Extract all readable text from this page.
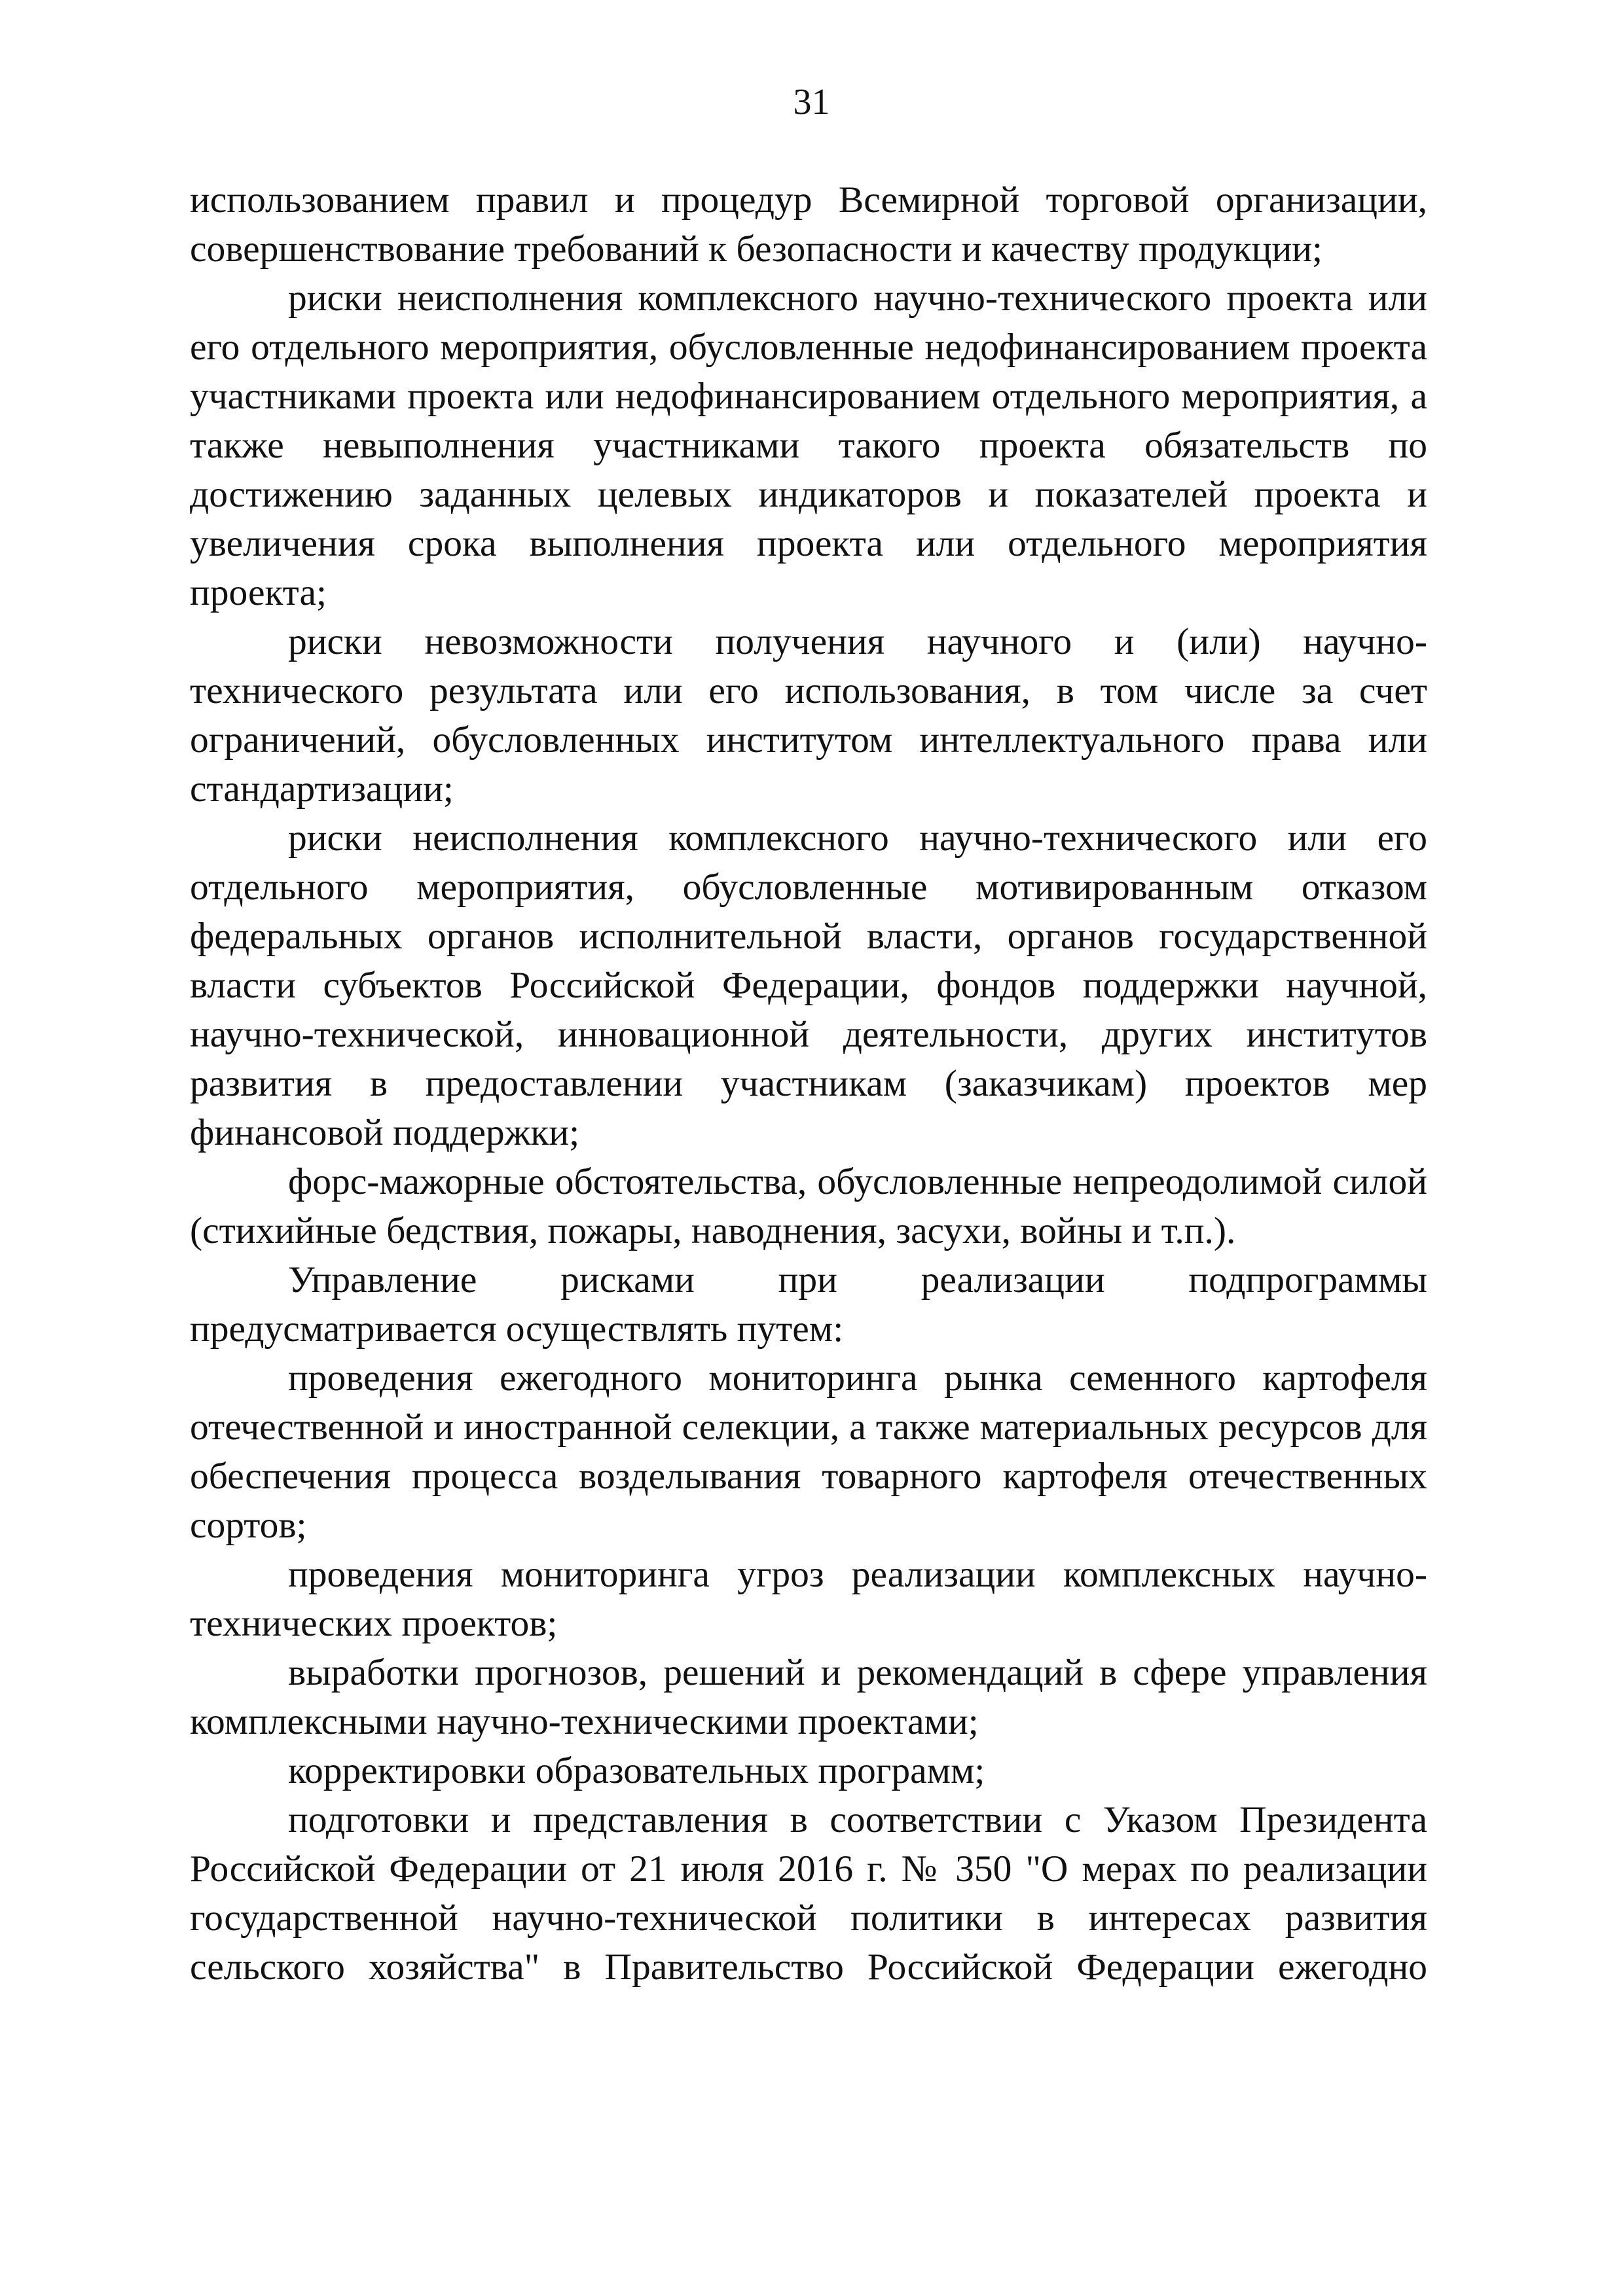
31

использованием правил и процедур Всемирной торговой организации, совершенствование требований к безопасности и качеству продукции;

риски неисполнения комплексного научно-технического проекта или его отдельного мероприятия, обусловленные недофинансированием проекта участниками проекта или недофинансированием отдельного мероприятия, а также невыполнения участниками такого проекта обязательств по достижению заданных целевых индикаторов и показателей проекта и увеличения срока выполнения проекта или отдельного мероприятия проекта;

риски невозможности получения научного и (или) научно-технического результата или его использования, в том числе за счет ограничений, обусловленных институтом интеллектуального права или стандартизации;

риски неисполнения комплексного научно-технического или его отдельного мероприятия, обусловленные мотивированным отказом федеральных органов исполнительной власти, органов государственной власти субъектов Российской Федерации, фондов поддержки научной, научно-технической, инновационной деятельности, других институтов развития в предоставлении участникам (заказчикам) проектов мер финансовой поддержки;

форс-мажорные обстоятельства, обусловленные непреодолимой силой (стихийные бедствия, пожары, наводнения, засухи, войны и т.п.).

Управление рисками при реализации подпрограммы предусматривается осуществлять путем:

проведения ежегодного мониторинга рынка семенного картофеля отечественной и иностранной селекции, а также материальных ресурсов для обеспечения процесса возделывания товарного картофеля отечественных сортов;

проведения мониторинга угроз реализации комплексных научно-технических проектов;

выработки прогнозов, решений и рекомендаций в сфере управления комплексными научно-техническими проектами;

корректировки образовательных программ;

подготовки и представления в соответствии с Указом Президента Российской Федерации от 21 июля 2016 г. № 350 "О мерах по реализации государственной научно-технической политики в интересах развития сельского хозяйства" в Правительство Российской Федерации ежегодно
